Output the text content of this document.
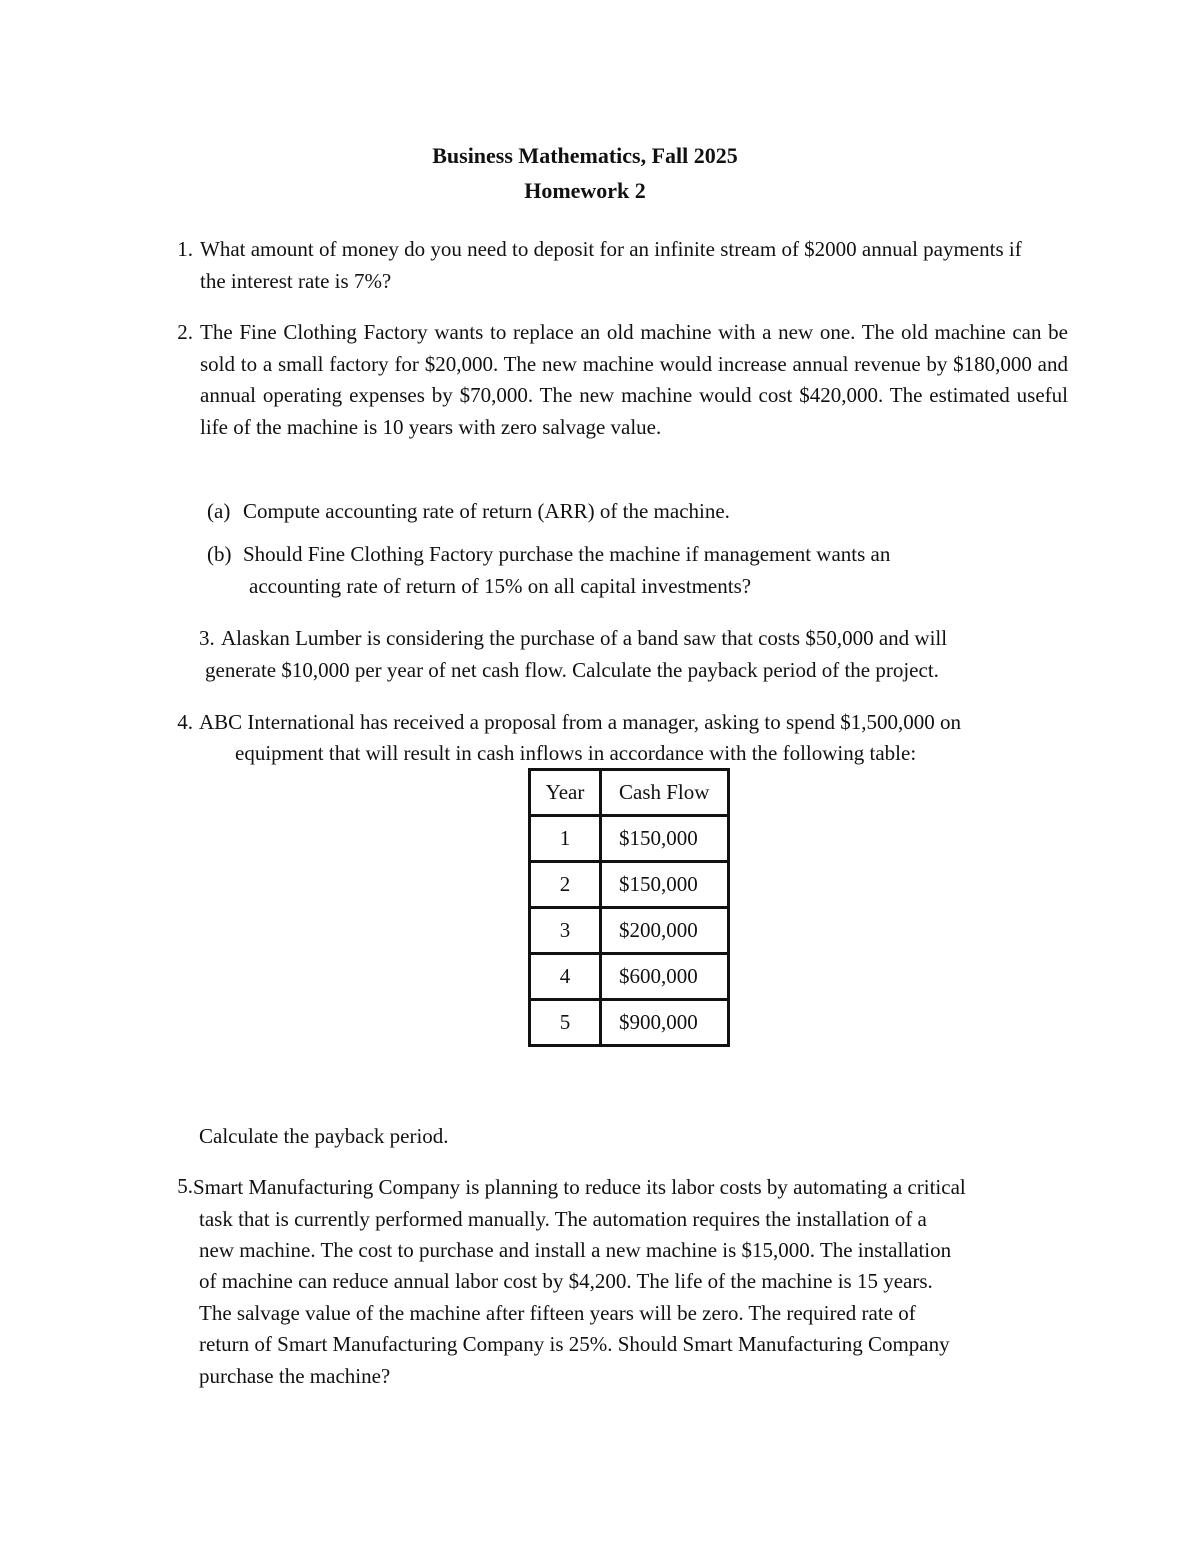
Business Mathematics, Fall 2025
Homework 2
1. What amount of money do you need to deposit for an infinite stream of $2000 annual payments if the interest rate is 7%?
2. The Fine Clothing Factory wants to replace an old machine with a new one. The old machine can be sold to a small factory for $20,000. The new machine would increase annual revenue by $180,000 and annual operating expenses by $70,000. The new machine would cost $420,000. The estimated useful life of the machine is 10 years with zero salvage value.
(a) Compute accounting rate of return (ARR) of the machine.
(b) Should Fine Clothing Factory purchase the machine if management wants an
accounting rate of return of 15% on all capital investments?
3. Alaskan Lumber is considering the purchase of a band saw that costs $50,000 and will
generate $10,000 per year of net cash flow. Calculate the payback period of the project.
4. ABC International has received a proposal from a manager, asking to spend $1,500,000 on
equipment that will result in cash inflows in accordance with the following table:
Year	Cash Flow
1	$150,000
2	$150,000
3	$200,000
4	$600,000
5	$900,000
Calculate the payback period.
5. Smart Manufacturing Company is planning to reduce its labor costs by automating a critical
task that is currently performed manually. The automation requires the installation of a
new machine. The cost to purchase and install a new machine is $15,000. The installation
of machine can reduce annual labor cost by $4,200. The life of the machine is 15 years.
The salvage value of the machine after fifteen years will be zero. The required rate of
return of Smart Manufacturing Company is 25%. Should Smart Manufacturing Company
purchase the machine?
